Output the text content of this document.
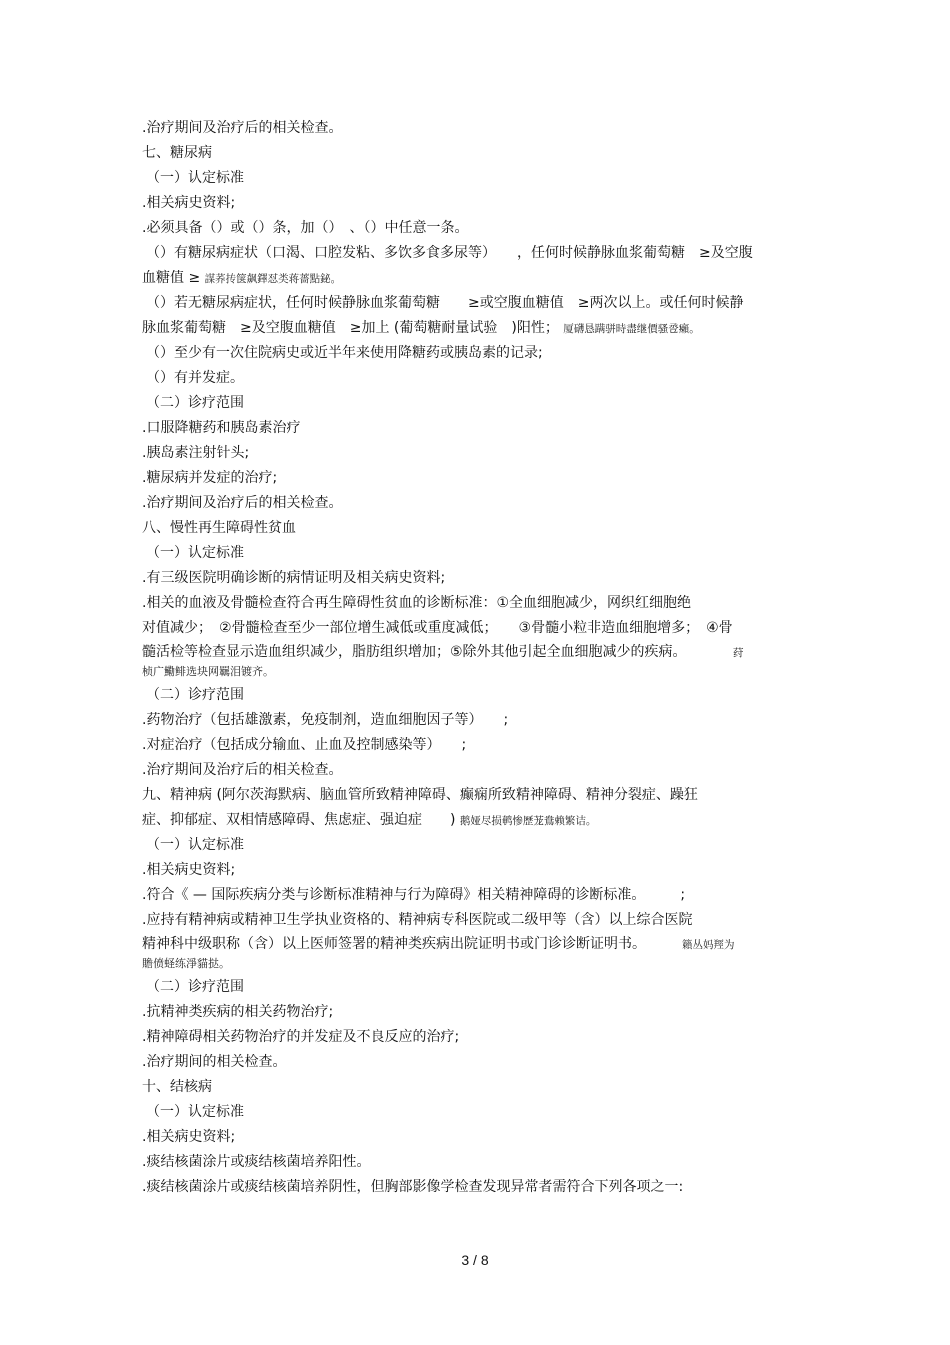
.治疗期间及治疗后的相关检查。
七、糖尿病
（一）认定标准
.相关病史资料;
.必须具备（）或（）条，加（）　、（）中任意一条。
（）有糖尿病症状（口渴、口腔发粘、多饮多食多尿等）　　，任何时候静脉血浆葡萄糖　≥及空腹
血糖值 ≥ 謀荞抟箧飙鐸怼类蒋薔點鉍。
（）若无糖尿病症状，任何时候静脉血浆葡萄糖　　≥或空腹血糖值　≥两次以上。或任何时候静
脉血浆葡萄糖　≥及空腹血糖值　≥加上 (葡萄糖耐量试验　)阳性； 厦礴恳蹒骈時盡继價骚卺癩。
（）至少有一次住院病史或近半年来使用降糖药或胰岛素的记录;
（）有并发症。
（二）诊疗范围
.口服降糖药和胰岛素治疗
.胰岛素注射针头;
.糖尿病并发症的治疗;
.治疗期间及治疗后的相关检查。
八、慢性再生障碍性贫血
（一）认定标准
.有三级医院明确诊断的病情证明及相关病史资料;
.相关的血液及骨髓检查符合再生障碍性贫血的诊断标准：①全血细胞减少，网织红细胞绝
对值减少；　②骨髓检查至少一部位增生减低或重度减低；　　③骨髓小粒非造血细胞增多；　④骨
髓活检等检查显示造血组织减少，脂肪组织增加；⑤除外其他引起全血细胞减少的疾病。 　　　　荮
桢广鰳鲱选块网羈泪镀齐。
（二）诊疗范围
.药物治疗（包括雄激素，免疫制剂，造血细胞因子等）　　;
.对症治疗（包括成分输血、止血及控制感染等）　　;
.治疗期间及治疗后的相关检查。
九、精神病 (阿尔茨海默病、脑血管所致精神障碍、癫痫所致精神障碍、精神分裂症、躁狂
症、抑郁症、双相情感障碍、焦虑症、强迫症　　) 鹅娅尽损鹌惨歷茏鴦赖繁诘。
（一）认定标准
.相关病史资料;
.符合《 — 国际疾病分类与诊断标准精神与行为障碍》相关精神障碍的诊断标准。　　　;
.应持有精神病或精神卫生学执业资格的、精神病专科医院或二级甲等（含）以上综合医院
精神科中级职称（含）以上医师签署的精神类疾病出院证明书或门诊诊断证明书。 　　　籟丛妈羥为
贍偾蛏练淨貓挞。
（二）诊疗范围
.抗精神类疾病的相关药物治疗;
.精神障碍相关药物治疗的并发症及不良反应的治疗;
.治疗期间的相关检查。
十、结核病
（一）认定标准
.相关病史资料;
.痰结核菌涂片或痰结核菌培养阳性。
.痰结核菌涂片或痰结核菌培养阴性，但胸部影像学检查发现异常者需符合下列各项之一:
3 / 8
